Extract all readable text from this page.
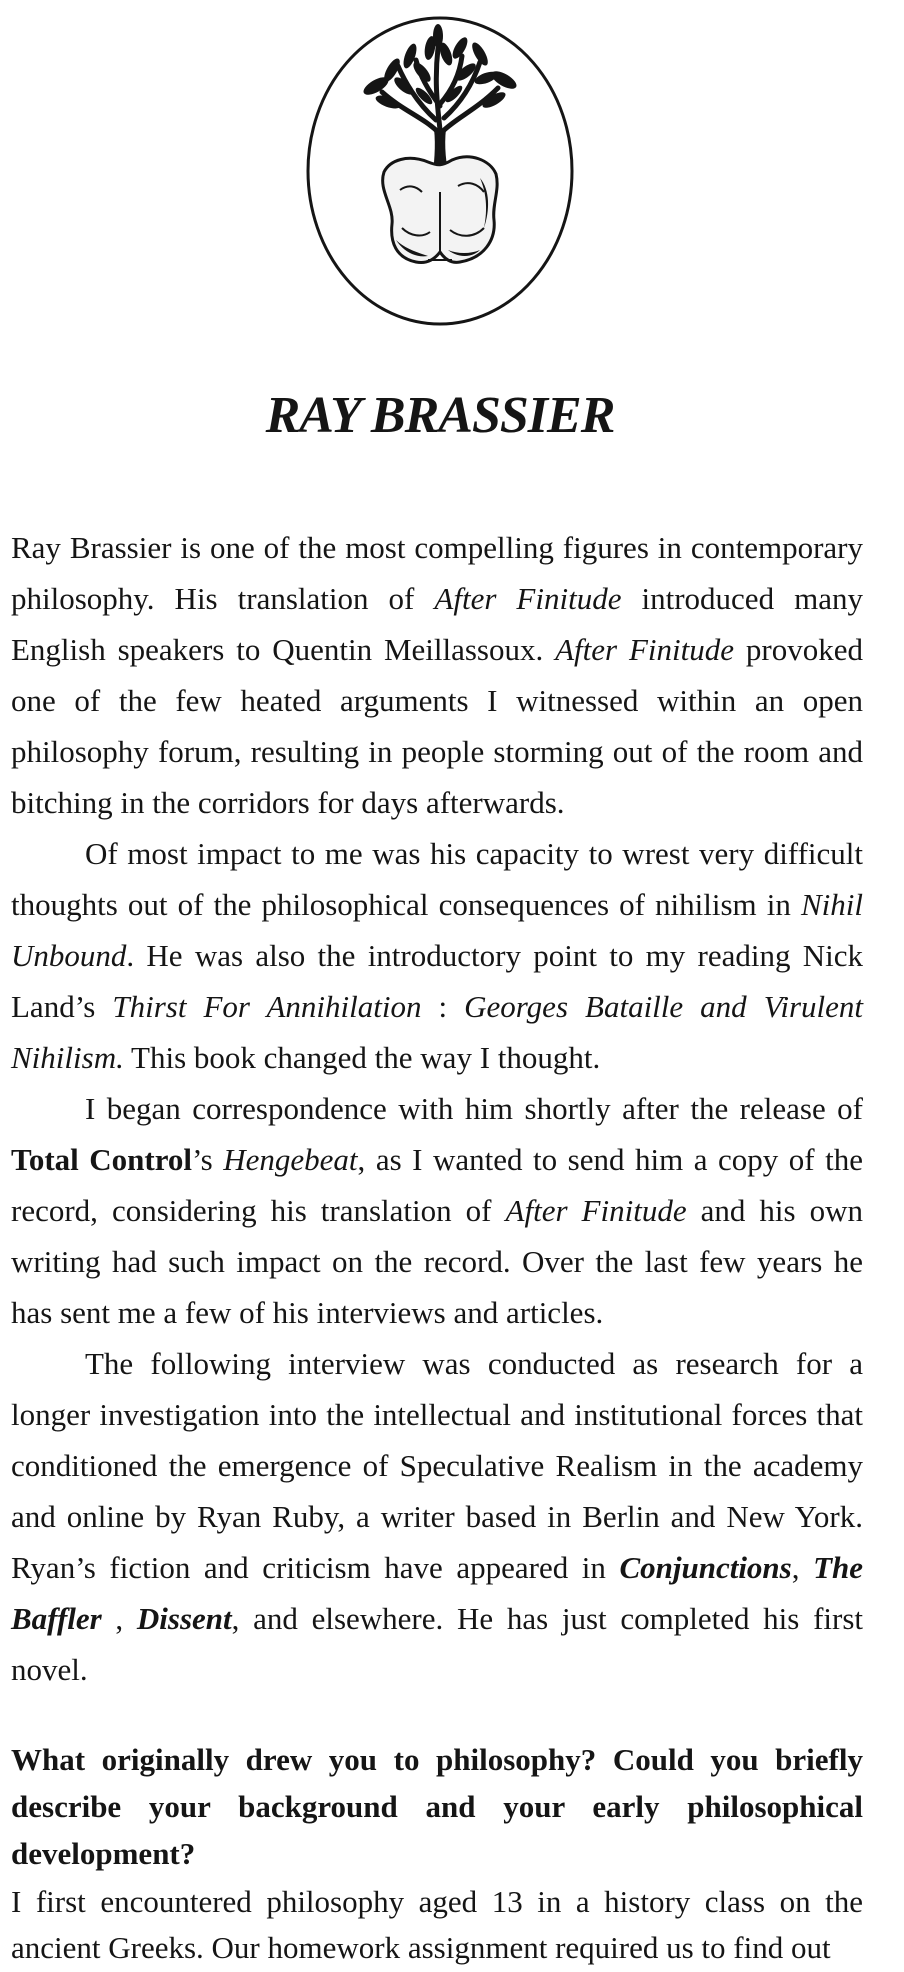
RAY BRASSIER

Ray Brassier is one of the most compelling figures in contemporary philosophy. His translation of After Finitude introduced many English speakers to Quentin Meillassoux. After Finitude provoked one of the few heated arguments I witnessed within an open philosophy forum, resulting in people storming out of the room and bitching in the corridors for days afterwards.

Of most impact to me was his capacity to wrest very difficult thoughts out of the philosophical consequences of nihilism in Nihil Unbound. He was also the introductory point to my reading Nick Land’s Thirst For Annihilation : Georges Bataille and Virulent Nihilism. This book changed the way I thought.

I began correspondence with him shortly after the release of Total Control’s Hengebeat, as I wanted to send him a copy of the record, considering his translation of After Finitude and his own writing had such impact on the record. Over the last few years he has sent me a few of his interviews and articles.

The following interview was conducted as research for a longer investigation into the intellectual and institutional forces that conditioned the emergence of Speculative Realism in the academy and online by Ryan Ruby, a writer based in Berlin and New York. Ryan’s fiction and criticism have appeared in Conjunctions, The Baffler , Dissent, and elsewhere. He has just completed his first novel.

What originally drew you to philosophy? Could you briefly describe your background and your early philosophical development?

I first encountered philosophy aged 13 in a history class on the ancient Greeks. Our homework assignment required us to find out
